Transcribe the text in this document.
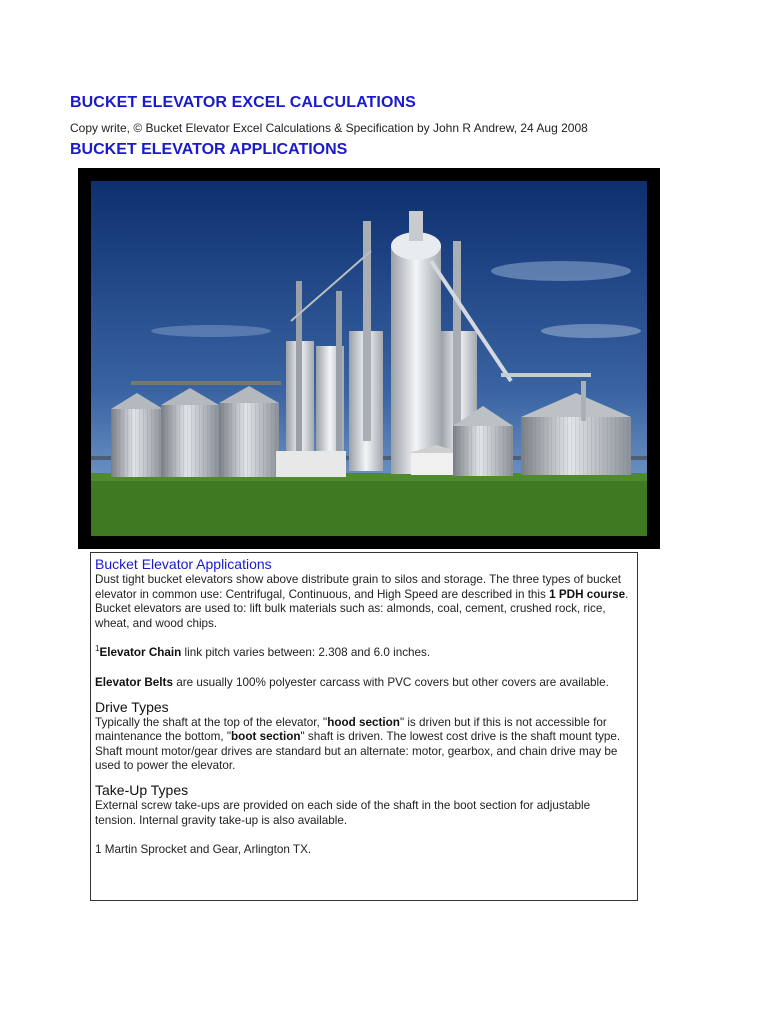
BUCKET ELEVATOR EXCEL CALCULATIONS

Copy write, © Bucket Elevator Excel Calculations & Specification by John R Andrew, 24 Aug 2008

BUCKET ELEVATOR APPLICATIONS

Bucket Elevator Applications

Dust tight bucket elevators show above distribute grain to silos and storage. The three types of bucket elevator in common use: Centrifugal, Continuous, and High Speed are described in this 1 PDH course. Bucket elevators are used to: lift bulk materials such as: almonds, coal, cement, crushed rock, rice, wheat, and wood chips.

$^1$Elevator Chain link pitch varies between: 2.308 and 6.0 inches.

Elevator Belts are usually 100% polyester carcass with PVC covers but other covers are available.

Drive Types

Typically the shaft at the top of the elevator, "hood section" is driven but if this is not accessible for maintenance the bottom, "boot section" shaft is driven. The lowest cost drive is the shaft mount type. Shaft mount motor/gear drives are standard but an alternate: motor, gearbox, and chain drive may be used to power the elevator.

Take-Up Types

External screw take-ups are provided on each side of the shaft in the boot section for adjustable tension. Internal gravity take-up is also available.

1 Martin Sprocket and Gear, Arlington TX.
